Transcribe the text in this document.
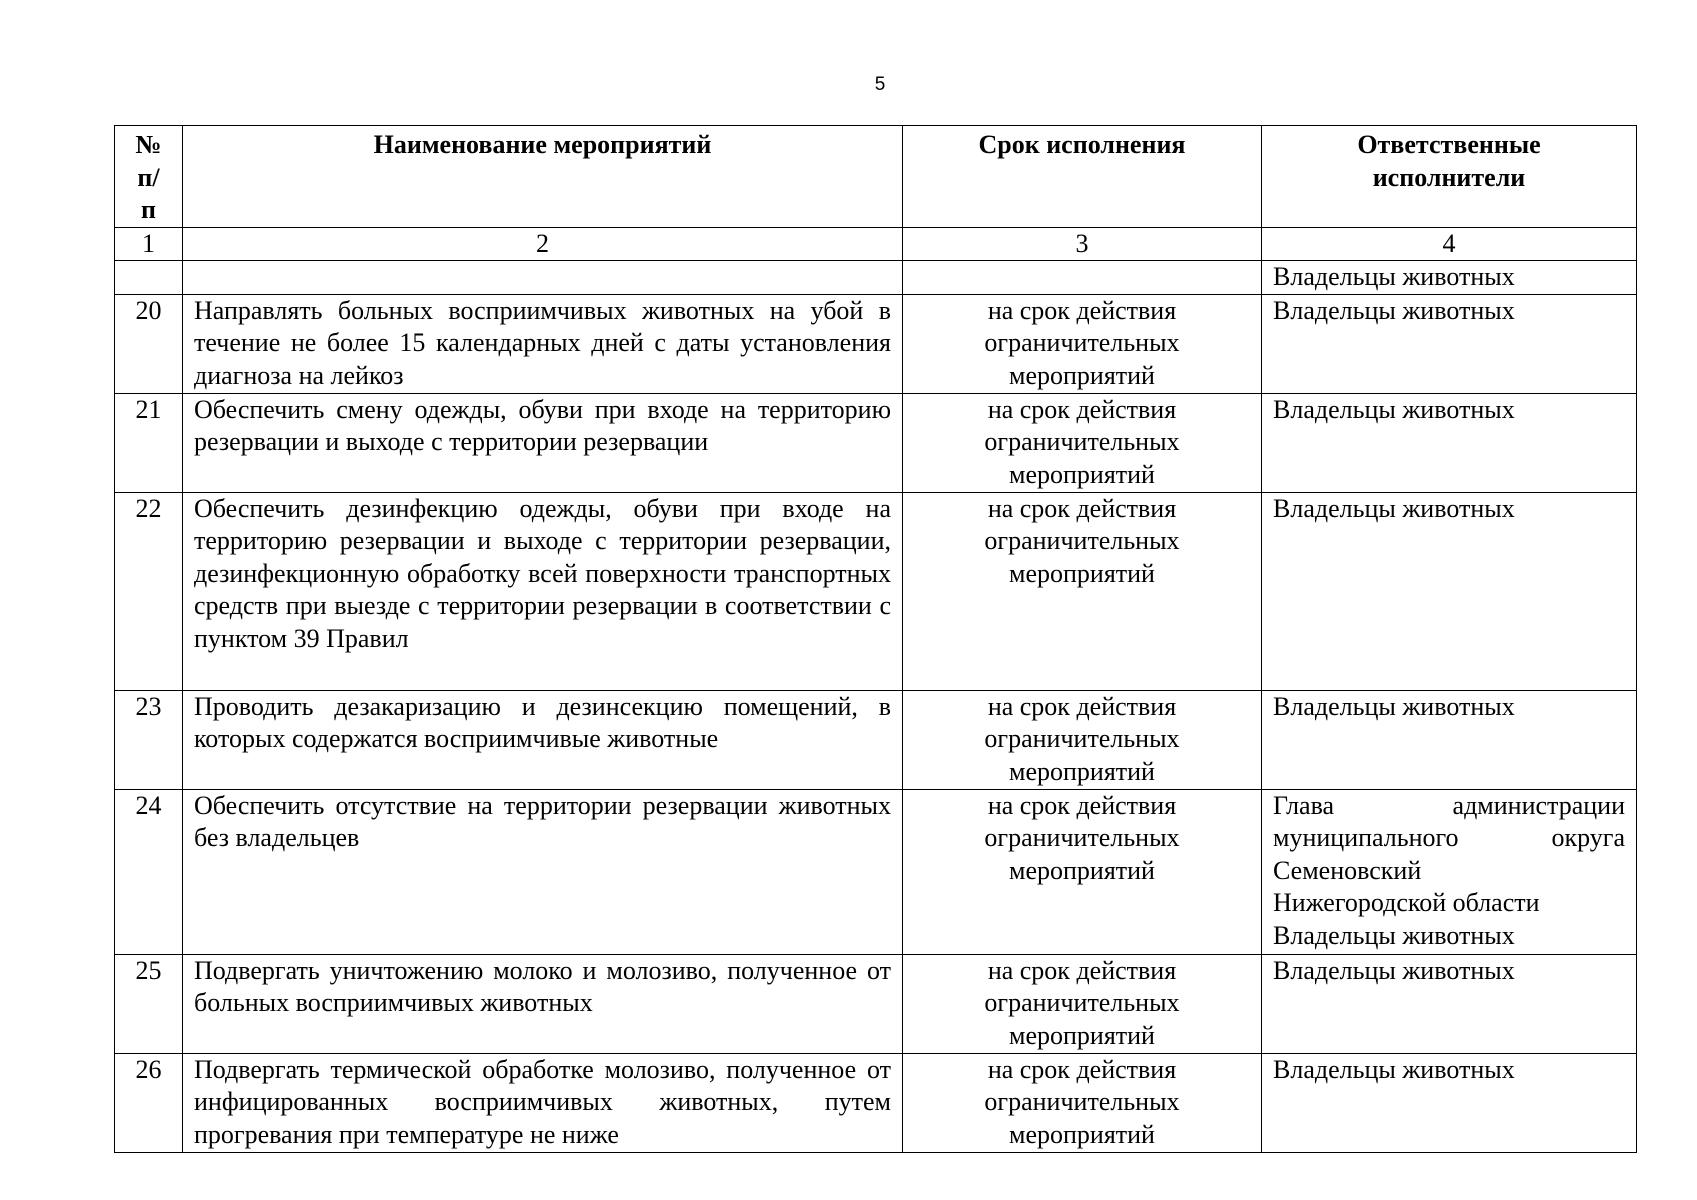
5
№ п/п	Наименование мероприятий	Срок исполнения	Ответственные исполнители
1	2	3	4
			Владельцы животных
20	Направлять больных восприимчивых животных на убой в течение не более 15 календарных дней с даты установления диагноза на лейкоз	на срок действия ограничительных мероприятий	Владельцы животных

21	Обеспечить смену одежды, обуви при входе на территорию резервации и выходе с территории резервации	на срок действия ограничительных мероприятий	Владельцы животных

22	Обеспечить дезинфекцию одежды, обуви при входе на территорию резервации и выходе с территории резервации, дезинфекционную обработку всей поверхности транспортных средств при выезде с территории резервации в соответствии с пунктом 39 Правил	на срок действия ограничительных мероприятий	Владельцы животных

23	Проводить дезакаризацию и дезинсекцию помещений, в которых содержатся восприимчивые животные	на срок действия ограничительных мероприятий	Владельцы животных

24	Обеспечить отсутствие на территории резервации животных без владельцев	на срок действия ограничительных мероприятий	Глава администрации
муниципального округа
Семеновский
Нижегородской области
Владельцы животных

25	Подвергать уничтожению молоко и молозиво, полученное от больных восприимчивых животных	на срок действия ограничительных мероприятий	Владельцы животных

26	Подвергать термической обработке молозиво, полученное от инфицированных восприимчивых животных, путем прогревания при температуре не ниже	на срок действия ограничительных мероприятий	Владельцы животных
